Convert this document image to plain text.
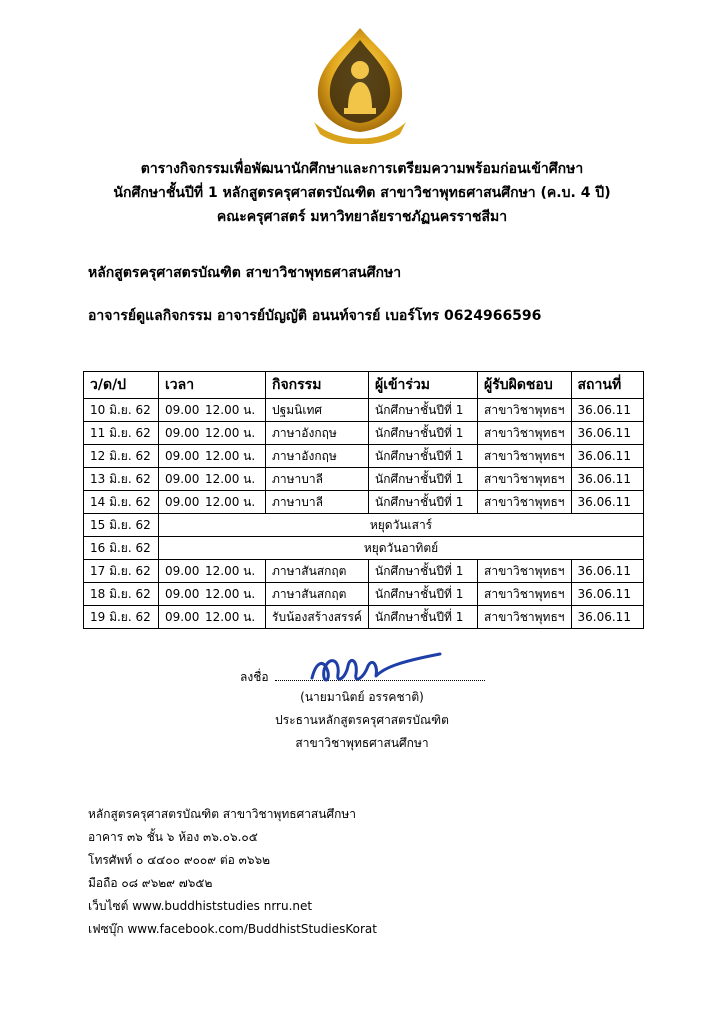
ตารางกิจกรรมเพื่อพัฒนานักศึกษาและการเตรียมความพร้อมก่อนเข้าศึกษา
นักศึกษาชั้นปีที่ 1 หลักสูตรครุศาสตรบัณฑิต สาขาวิชาพุทธศาสนศึกษา (ค.บ. 4 ปี)
คณะครุศาสตร์ มหาวิทยาลัยราชภัฏนครราชสีมา
หลักสูตรครุศาสตรบัณฑิต สาขาวิชาพุทธศาสนศึกษา
อาจารย์ดูแลกิจกรรม อาจารย์บัญญัติ อนนท์จารย์ เบอร์โทร 0624966596
ว/ด/ป	เวลา	กิจกรรม	ผู้เข้าร่วม	ผู้รับผิดชอบ	สถานที่
10 มิ.ย. 62	09.00 12.00 น.	ปฐมนิเทศ	นักศึกษาชั้นปีที่ 1	สาขาวิชาพุทธฯ	36.06.11
11 มิ.ย. 62	09.00 12.00 น.	ภาษาอังกฤษ	นักศึกษาชั้นปีที่ 1	สาขาวิชาพุทธฯ	36.06.11
12 มิ.ย. 62	09.00 12.00 น.	ภาษาอังกฤษ	นักศึกษาชั้นปีที่ 1	สาขาวิชาพุทธฯ	36.06.11
13 มิ.ย. 62	09.00 12.00 น.	ภาษาบาลี	นักศึกษาชั้นปีที่ 1	สาขาวิชาพุทธฯ	36.06.11
14 มิ.ย. 62	09.00 12.00 น.	ภาษาบาลี	นักศึกษาชั้นปีที่ 1	สาขาวิชาพุทธฯ	36.06.11
15 มิ.ย. 62	หยุดวันเสาร์				
16 มิ.ย. 62	หยุดวันอาทิตย์				
17 มิ.ย. 62	09.00 12.00 น.	ภาษาสันสกฤต	นักศึกษาชั้นปีที่ 1	สาขาวิชาพุทธฯ	36.06.11
18 มิ.ย. 62	09.00 12.00 น.	ภาษาสันสกฤต	นักศึกษาชั้นปีที่ 1	สาขาวิชาพุทธฯ	36.06.11
19 มิ.ย. 62	09.00 12.00 น.	รับน้องสร้างสรรค์	นักศึกษาชั้นปีที่ 1	สาขาวิชาพุทธฯ	36.06.11
ลงชื่อ
(นายมานิตย์ อรรคชาติ)
ประธานหลักสูตรครุศาสตรบัณฑิต
สาขาวิชาพุทธศาสนศึกษา
หลักสูตรครุศาสตรบัณฑิต สาขาวิชาพุทธศาสนศึกษา
อาคาร ๓๖ ชั้น ๖ ห้อง ๓๖.๐๖.๐๕
โทรศัพท์ ๐ ๔๔๐๐ ๙๐๐๙ ต่อ ๓๖๖๒
มือถือ ๐๘ ๙๖๒๙ ๗๖๕๒
เว็บไซต์ www.buddhiststudies nrru.net
เฟซบุ๊ก www.facebook.com/BuddhistStudiesKorat
